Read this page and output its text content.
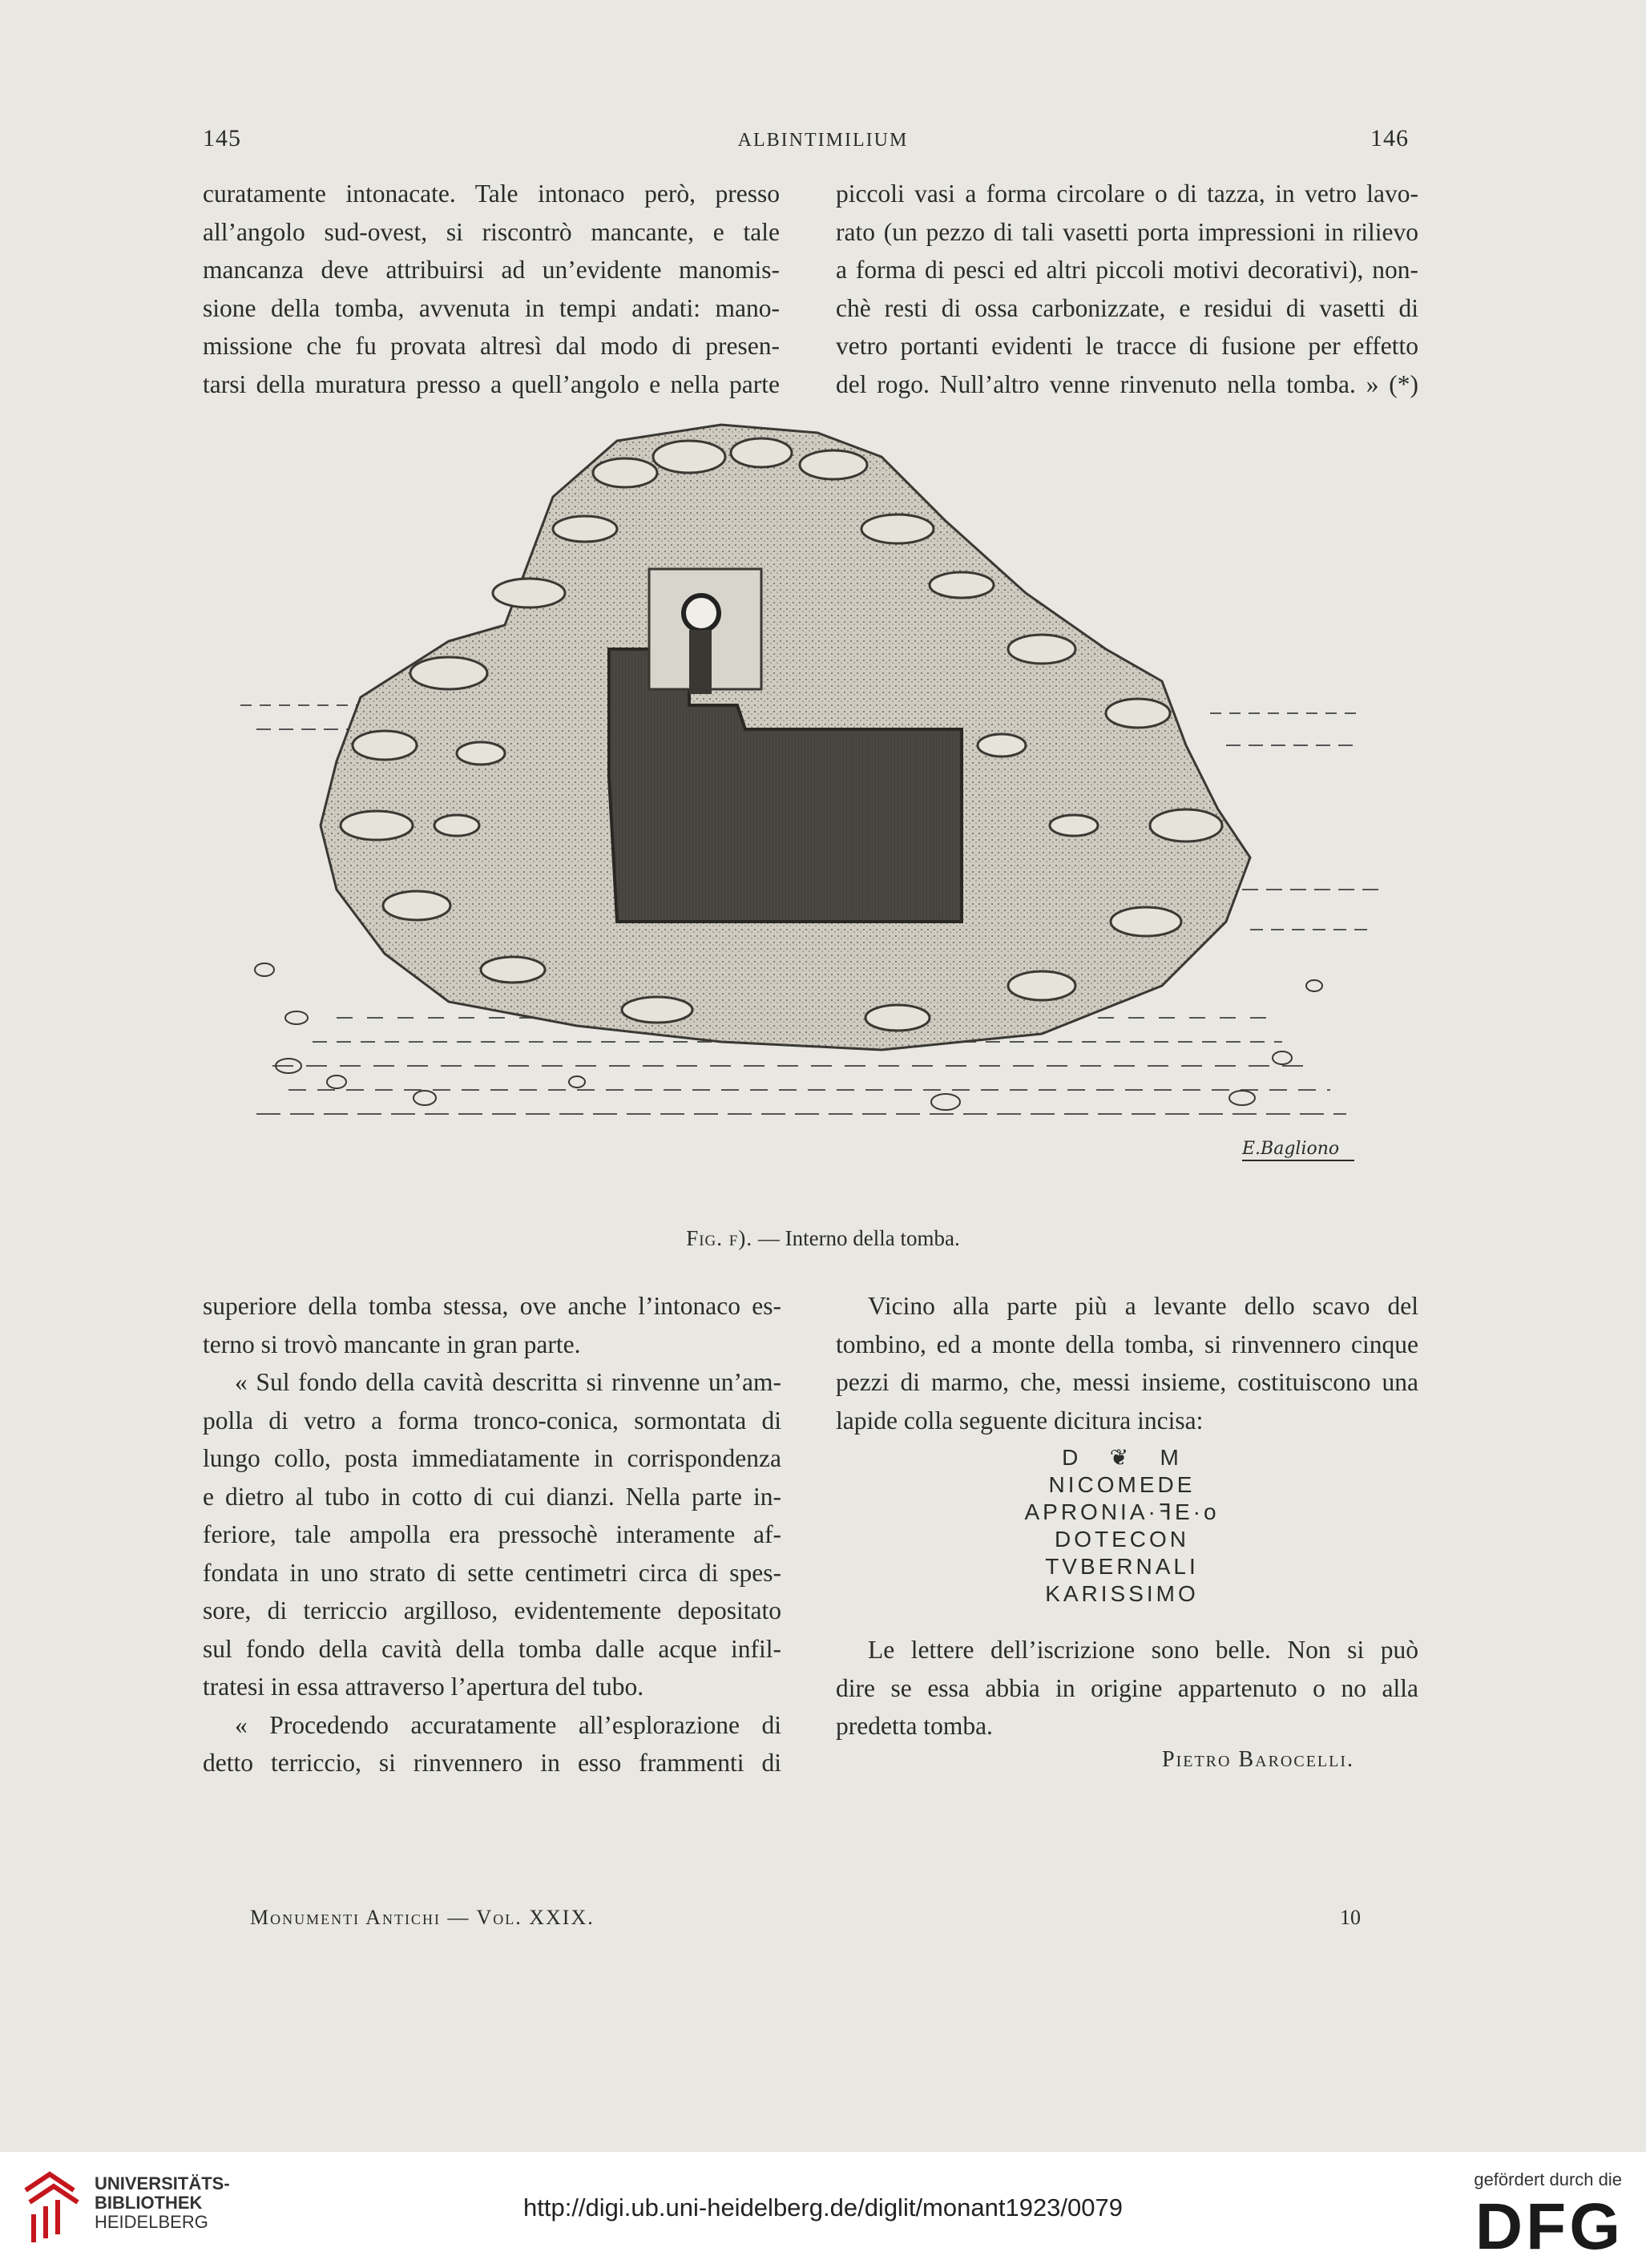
145	ALBINTIMILIUM	146

curatamente intonacate. Tale intonaco però, presso

all’angolo sud-ovest, si riscontrò mancante, e tale

mancanza deve attribuirsi ad un’evidente manomis-

sione della tomba, avvenuta in tempi andati: mano-

missione che fu provata altresì dal modo di presen-

tarsi della muratura presso a quell’angolo e nella parte

piccoli vasi a forma circolare o di tazza, in vetro lavo-

rato (un pezzo di tali vasetti porta impressioni in rilievo

a forma di pesci ed altri piccoli motivi decorativi), non-

chè resti di ossa carbonizzate, e residui di vasetti di

vetro portanti evidenti le tracce di fusione per effetto

del rogo. Null’altro venne rinvenuto nella tomba. » (*)

E.Bagliono
Fig. f). — Interno della tomba.

superiore della tomba stessa, ove anche l’intonaco es-

terno si trovò mancante in gran parte.

« Sul fondo della cavità descritta si rinvenne un’am-

polla di vetro a forma tronco-conica, sormontata di

lungo collo, posta immediatamente in corrispondenza

e dietro al tubo in cotto di cui dianzi. Nella parte in-

feriore, tale ampolla era pressochè interamente af-

fondata in uno strato di sette centimetri circa di spes-

sore, di terriccio argilloso, evidentemente depositato

sul fondo della cavità della tomba dalle acque infil-

tratesi in essa attraverso l’apertura del tubo.

« Procedendo accuratamente all’esplorazione di

detto terriccio, si rinvennero in esso frammenti di

Vicino alla parte più a levante dello scavo del

tombino, ed a monte della tomba, si rinvennero cinque

pezzi di marmo, che, messi insieme, costituiscono una

lapide colla seguente dicitura incisa:

D   ❦   M
NICOMEDE
APRONIA·ꟻE·o
DOTECON
TVBERNALI
KARISSIMO

Le lettere dell’iscrizione sono belle. Non si può

dire se essa abbia in origine appartenuto o no alla

predetta tomba.

Pietro Barocelli.
Monumenti Antichi — Vol. XXIX.	10
UNIVERSITÄTS-
BIBLIOTHEK
HEIDELBERG
http://digi.ub.uni-heidelberg.de/diglit/monant1923/0079
gefördert durch die
DFG
